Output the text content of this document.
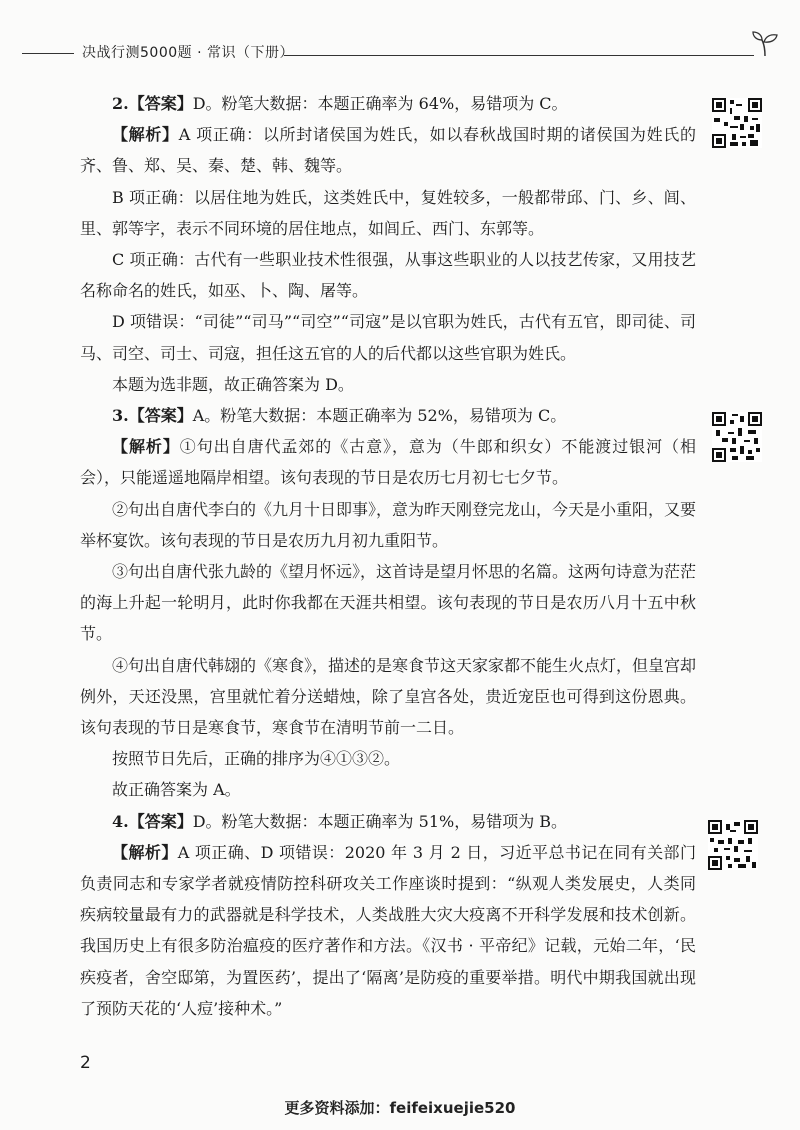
决战行测5000题 · 常识（下册）

2.【答案】D。粉笔大数据：本题正确率为 64%，易错项为 C。

【解析】A 项正确：以所封诸侯国为姓氏，如以春秋战国时期的诸侯国为姓氏的齐、鲁、郑、吴、秦、楚、韩、魏等。

B 项正确：以居住地为姓氏，这类姓氏中，复姓较多，一般都带邱、门、乡、闾、里、郭等字，表示不同环境的居住地点，如闾丘、西门、东郭等。

C 项正确：古代有一些职业技术性很强，从事这些职业的人以技艺传家，又用技艺名称命名的姓氏，如巫、卜、陶、屠等。

D 项错误：“司徒”“司马”“司空”“司寇”是以官职为姓氏，古代有五官，即司徒、司马、司空、司士、司寇，担任这五官的人的后代都以这些官职为姓氏。

本题为选非题，故正确答案为 D。

3.【答案】A。粉笔大数据：本题正确率为 52%，易错项为 C。

【解析】①句出自唐代孟郊的《古意》，意为（牛郎和织女）不能渡过银河（相会），只能遥遥地隔岸相望。该句表现的节日是农历七月初七七夕节。

②句出自唐代李白的《九月十日即事》，意为昨天刚登完龙山，今天是小重阳，又要举杯宴饮。该句表现的节日是农历九月初九重阳节。

③句出自唐代张九龄的《望月怀远》，这首诗是望月怀思的名篇。这两句诗意为茫茫的海上升起一轮明月，此时你我都在天涯共相望。该句表现的节日是农历八月十五中秋节。

④句出自唐代韩翃的《寒食》，描述的是寒食节这天家家都不能生火点灯，但皇宫却例外，天还没黑，宫里就忙着分送蜡烛，除了皇宫各处，贵近宠臣也可得到这份恩典。该句表现的节日是寒食节，寒食节在清明节前一二日。

按照节日先后，正确的排序为④①③②。

故正确答案为 A。

4.【答案】D。粉笔大数据：本题正确率为 51%，易错项为 B。

【解析】A 项正确、D 项错误：2020 年 3 月 2 日，习近平总书记在同有关部门负责同志和专家学者就疫情防控科研攻关工作座谈时提到：“纵观人类发展史，人类同疾病较量最有力的武器就是科学技术，人类战胜大灾大疫离不开科学发展和技术创新。我国历史上有很多防治瘟疫的医疗著作和方法。《汉书 · 平帝纪》记载，元始二年，‘民疾疫者，舍空邸第，为置医药’，提出了‘隔离’是防疫的重要举措。明代中期我国就出现了预防天花的‘人痘’接种术。”

2
更多资料添加：feifeixuejie520
